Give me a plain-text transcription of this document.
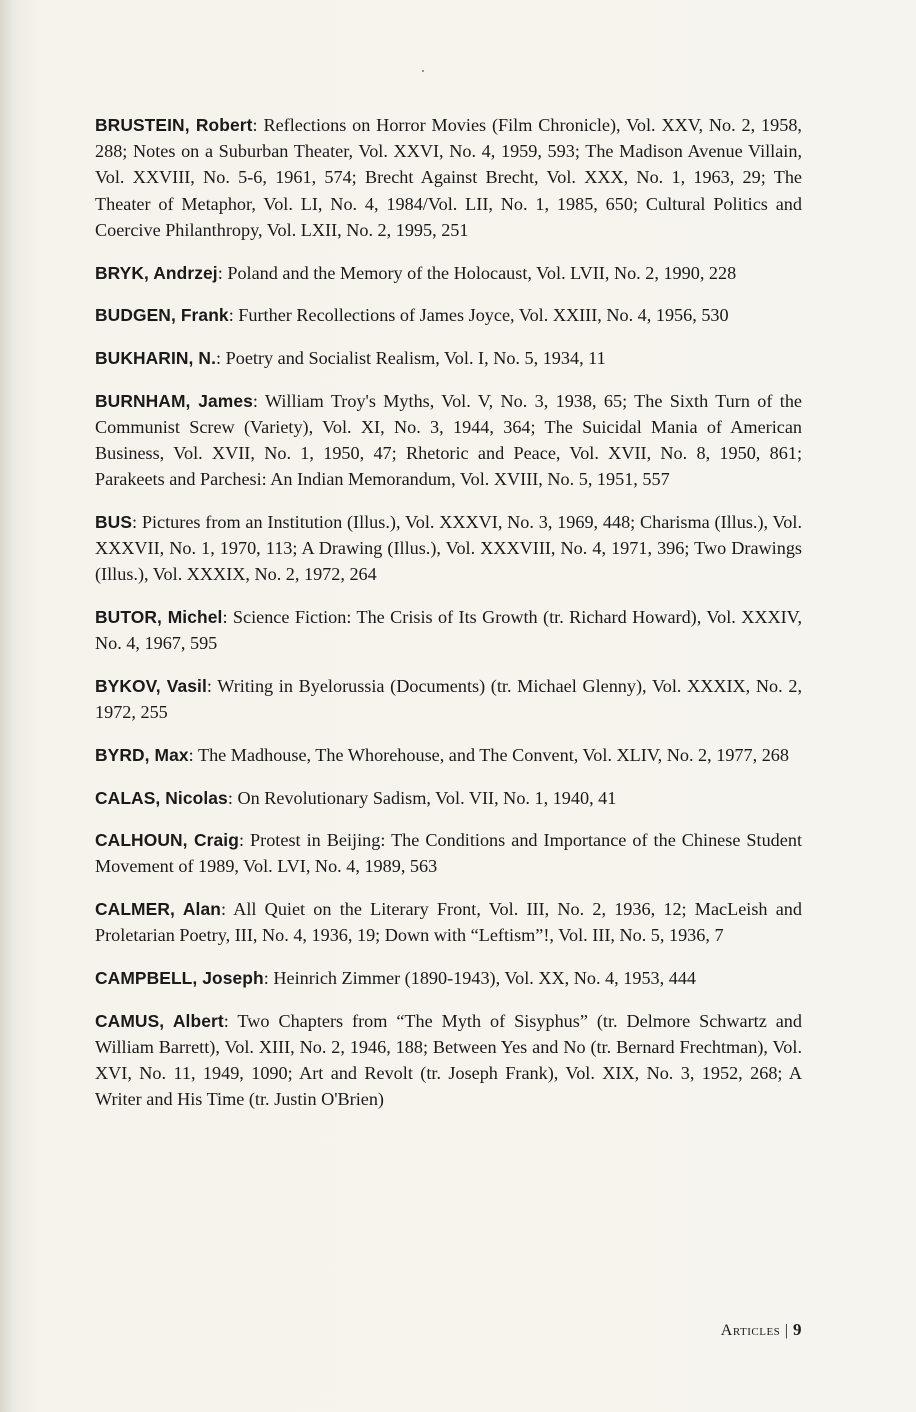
BRUSTEIN, Robert: Reflections on Horror Movies (Film Chronicle), Vol. XXV, No. 2, 1958, 288; Notes on a Suburban Theater, Vol. XXVI, No. 4, 1959, 593; The Madison Avenue Villain, Vol. XXVIII, No. 5-6, 1961, 574; Brecht Against Brecht, Vol. XXX, No. 1, 1963, 29; The Theater of Metaphor, Vol. LI, No. 4, 1984/Vol. LII, No. 1, 1985, 650; Cultural Politics and Coercive Philanthropy, Vol. LXII, No. 2, 1995, 251

BRYK, Andrzej: Poland and the Memory of the Holocaust, Vol. LVII, No. 2, 1990, 228

BUDGEN, Frank: Further Recollections of James Joyce, Vol. XXIII, No. 4, 1956, 530

BUKHARIN, N.: Poetry and Socialist Realism, Vol. I, No. 5, 1934, 11

BURNHAM, James: William Troy's Myths, Vol. V, No. 3, 1938, 65; The Sixth Turn of the Communist Screw (Variety), Vol. XI, No. 3, 1944, 364; The Suicidal Mania of American Business, Vol. XVII, No. 1, 1950, 47; Rhetoric and Peace, Vol. XVII, No. 8, 1950, 861; Parakeets and Parchesi: An Indian Memorandum, Vol. XVIII, No. 5, 1951, 557

BUS: Pictures from an Institution (Illus.), Vol. XXXVI, No. 3, 1969, 448; Charisma (Illus.), Vol. XXXVII, No. 1, 1970, 113; A Drawing (Illus.), Vol. XXXVIII, No. 4, 1971, 396; Two Drawings (Illus.), Vol. XXXIX, No. 2, 1972, 264

BUTOR, Michel: Science Fiction: The Crisis of Its Growth (tr. Richard Howard), Vol. XXXIV, No. 4, 1967, 595

BYKOV, Vasil: Writing in Byelorussia (Documents) (tr. Michael Glenny), Vol. XXXIX, No. 2, 1972, 255

BYRD, Max: The Madhouse, The Whorehouse, and The Convent, Vol. XLIV, No. 2, 1977, 268

CALAS, Nicolas: On Revolutionary Sadism, Vol. VII, No. 1, 1940, 41

CALHOUN, Craig: Protest in Beijing: The Conditions and Importance of the Chinese Student Movement of 1989, Vol. LVI, No. 4, 1989, 563

CALMER, Alan: All Quiet on the Literary Front, Vol. III, No. 2, 1936, 12; MacLeish and Proletarian Poetry, III, No. 4, 1936, 19; Down with “Leftism”!, Vol. III, No. 5, 1936, 7

CAMPBELL, Joseph: Heinrich Zimmer (1890-1943), Vol. XX, No. 4, 1953, 444

CAMUS, Albert: Two Chapters from “The Myth of Sisyphus” (tr. Delmore Schwartz and William Barrett), Vol. XIII, No. 2, 1946, 188; Between Yes and No (tr. Bernard Frechtman), Vol. XVI, No. 11, 1949, 1090; Art and Revolt (tr. Joseph Frank), Vol. XIX, No. 3, 1952, 268; A Writer and His Time (tr. Justin O'Brien)

Articles | 9
